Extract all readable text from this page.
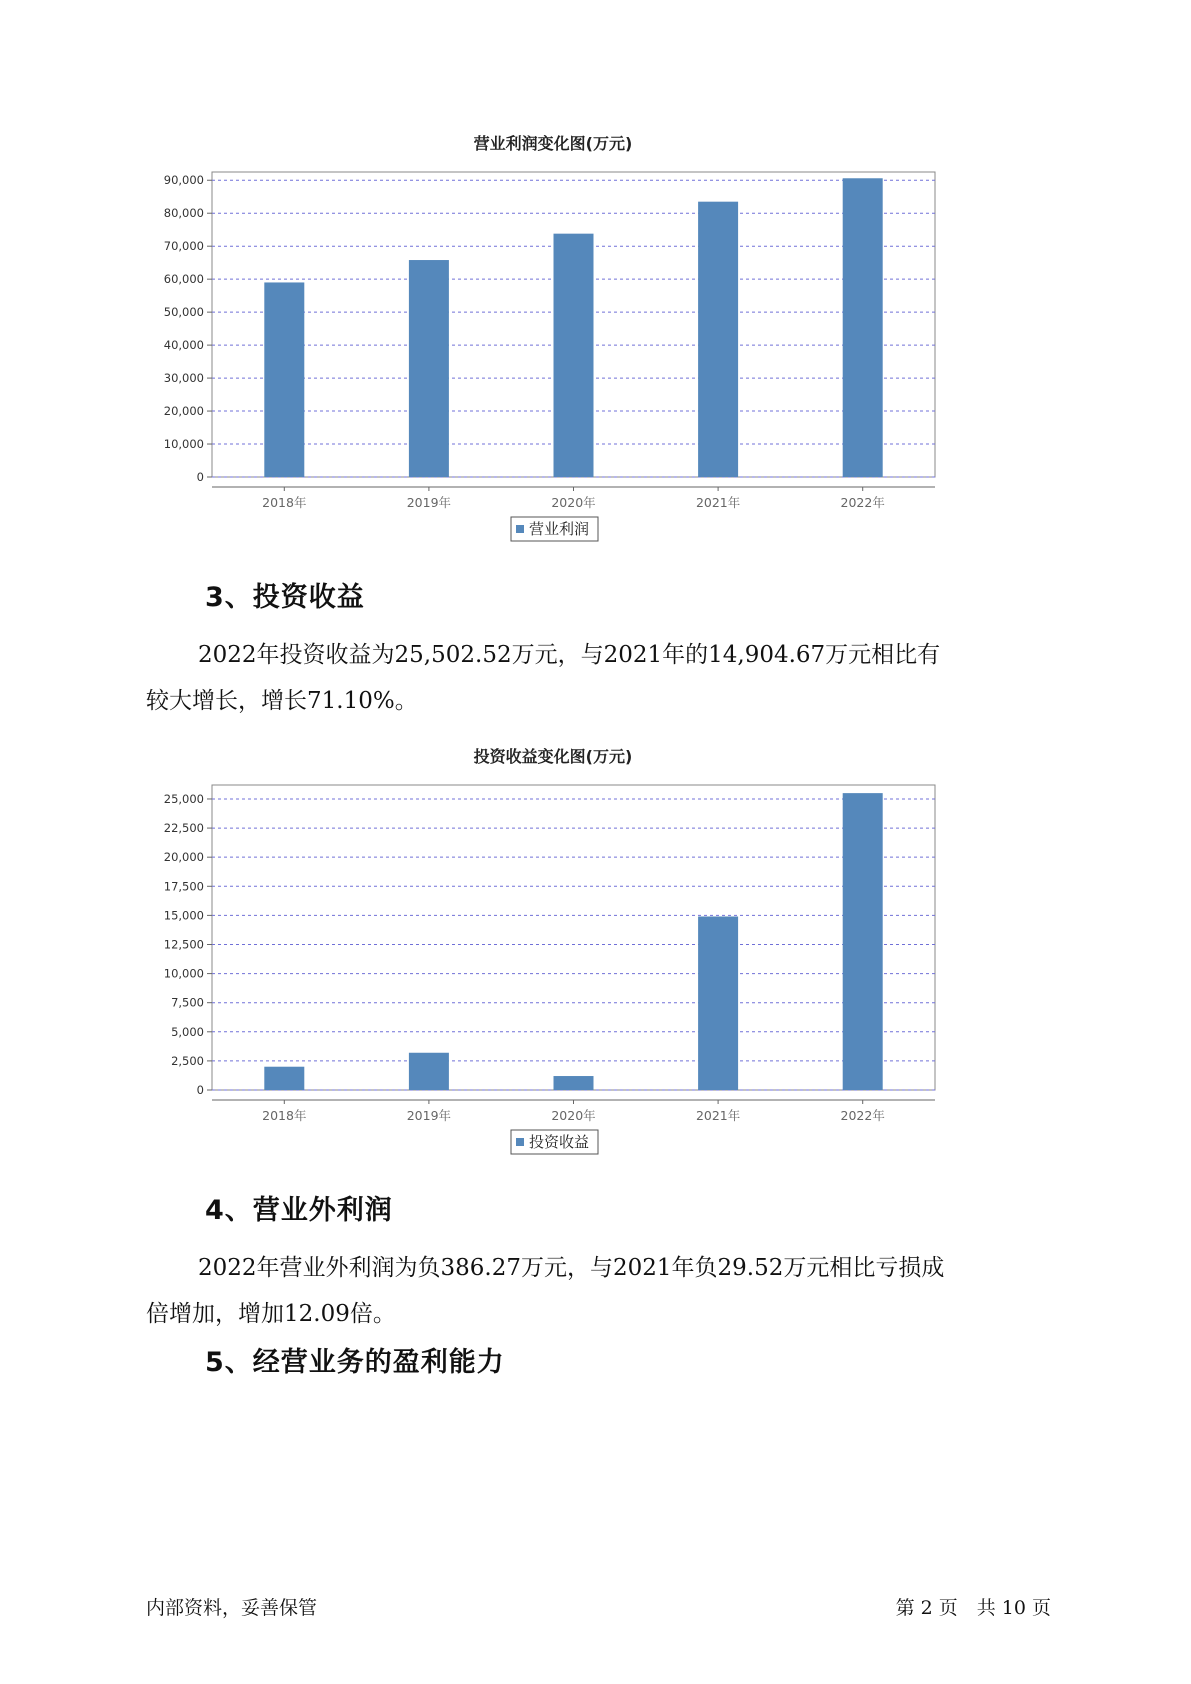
营业利润变化图(万元)
0
10,000
20,000
30,000
40,000
50,000
60,000
70,000
80,000
90,000
2018年	2019年	2020年	2021年	2022年
营业利润
3、投资收益

2022年投资收益为25,502.52万元，与2021年的14,904.67万元相比有
较大增长，增长71.10%。

投资收益变化图(万元)
0
2,500
5,000
7,500
10,000
12,500
15,000
17,500
20,000
22,500
25,000
2018年	2019年	2020年	2021年	2022年
投资收益
4、营业外利润

2022年营业外利润为负386.27万元，与2021年负29.52万元相比亏损成
倍增加，增加12.09倍。

5、经营业务的盈利能力
内部资料，妥善保管	第 2 页　共 10 页
